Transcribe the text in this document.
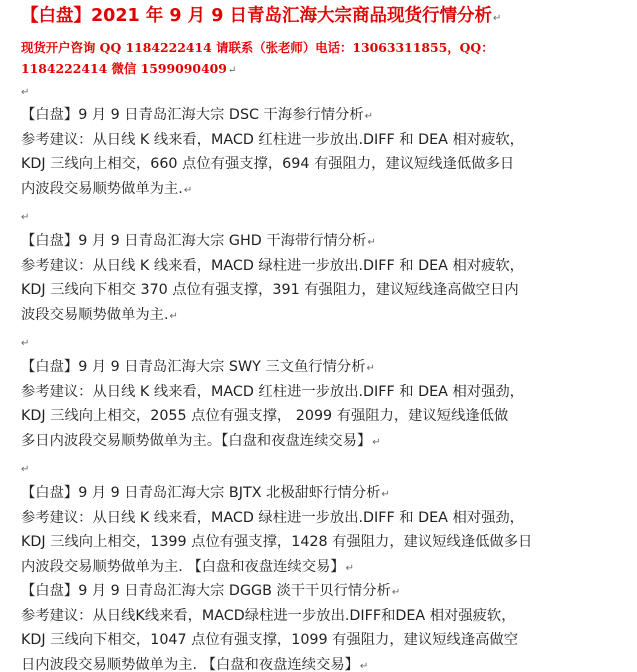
【白盘】2021 年 9 月 9 日青岛汇海大宗商品现货行情分析↵
现货开户咨询 QQ 1184222414 请联系（张老师）电话：13063311855，QQ：
1184222414 微信 1599090409↵
↵
【白盘】9 月 9 日青岛汇海大宗 DSC 干海参行情分析↵
参考建议：从日线 K 线来看，MACD 红柱进一步放出.DIFF 和 DEA 相对疲软，
KDJ 三线向上相交，660 点位有强支撑，694 有强阻力，建议短线逢低做多日
内波段交易顺势做单为主.↵
↵
【白盘】9 月 9 日青岛汇海大宗 GHD 干海带行情分析↵
参考建议：从日线 K 线来看，MACD 绿柱进一步放出.DIFF 和 DEA 相对疲软，
KDJ 三线向下相交 370 点位有强支撑，391 有强阻力，建议短线逢高做空日内
波段交易顺势做单为主.↵
↵
【白盘】9 月 9 日青岛汇海大宗 SWY 三文鱼行情分析↵
参考建议：从日线 K 线来看，MACD 红柱进一步放出.DIFF 和 DEA 相对强劲，
KDJ 三线向上相交，2055 点位有强支撑， 2099 有强阻力，建议短线逢低做
多日内波段交易顺势做单为主。【白盘和夜盘连续交易】↵
↵
【白盘】9 月 9 日青岛汇海大宗 BJTX 北极甜虾行情分析↵
参考建议：从日线 K 线来看，MACD 绿柱进一步放出.DIFF 和 DEA 相对强劲，
KDJ 三线向上相交，1399 点位有强支撑，1428 有强阻力，建议短线逢低做多日
内波段交易顺势做单为主. 【白盘和夜盘连续交易】↵
【白盘】9 月 9 日青岛汇海大宗 DGGB 淡干干贝行情分析↵
参考建议：从日线K线来看，MACD绿柱进一步放出.DIFF和DEA 相对强疲软，
KDJ 三线向下相交，1047 点位有强支撑，1099 有强阻力，建议短线逢高做空
日内波段交易顺势做单为主. 【白盘和夜盘连续交易】↵
